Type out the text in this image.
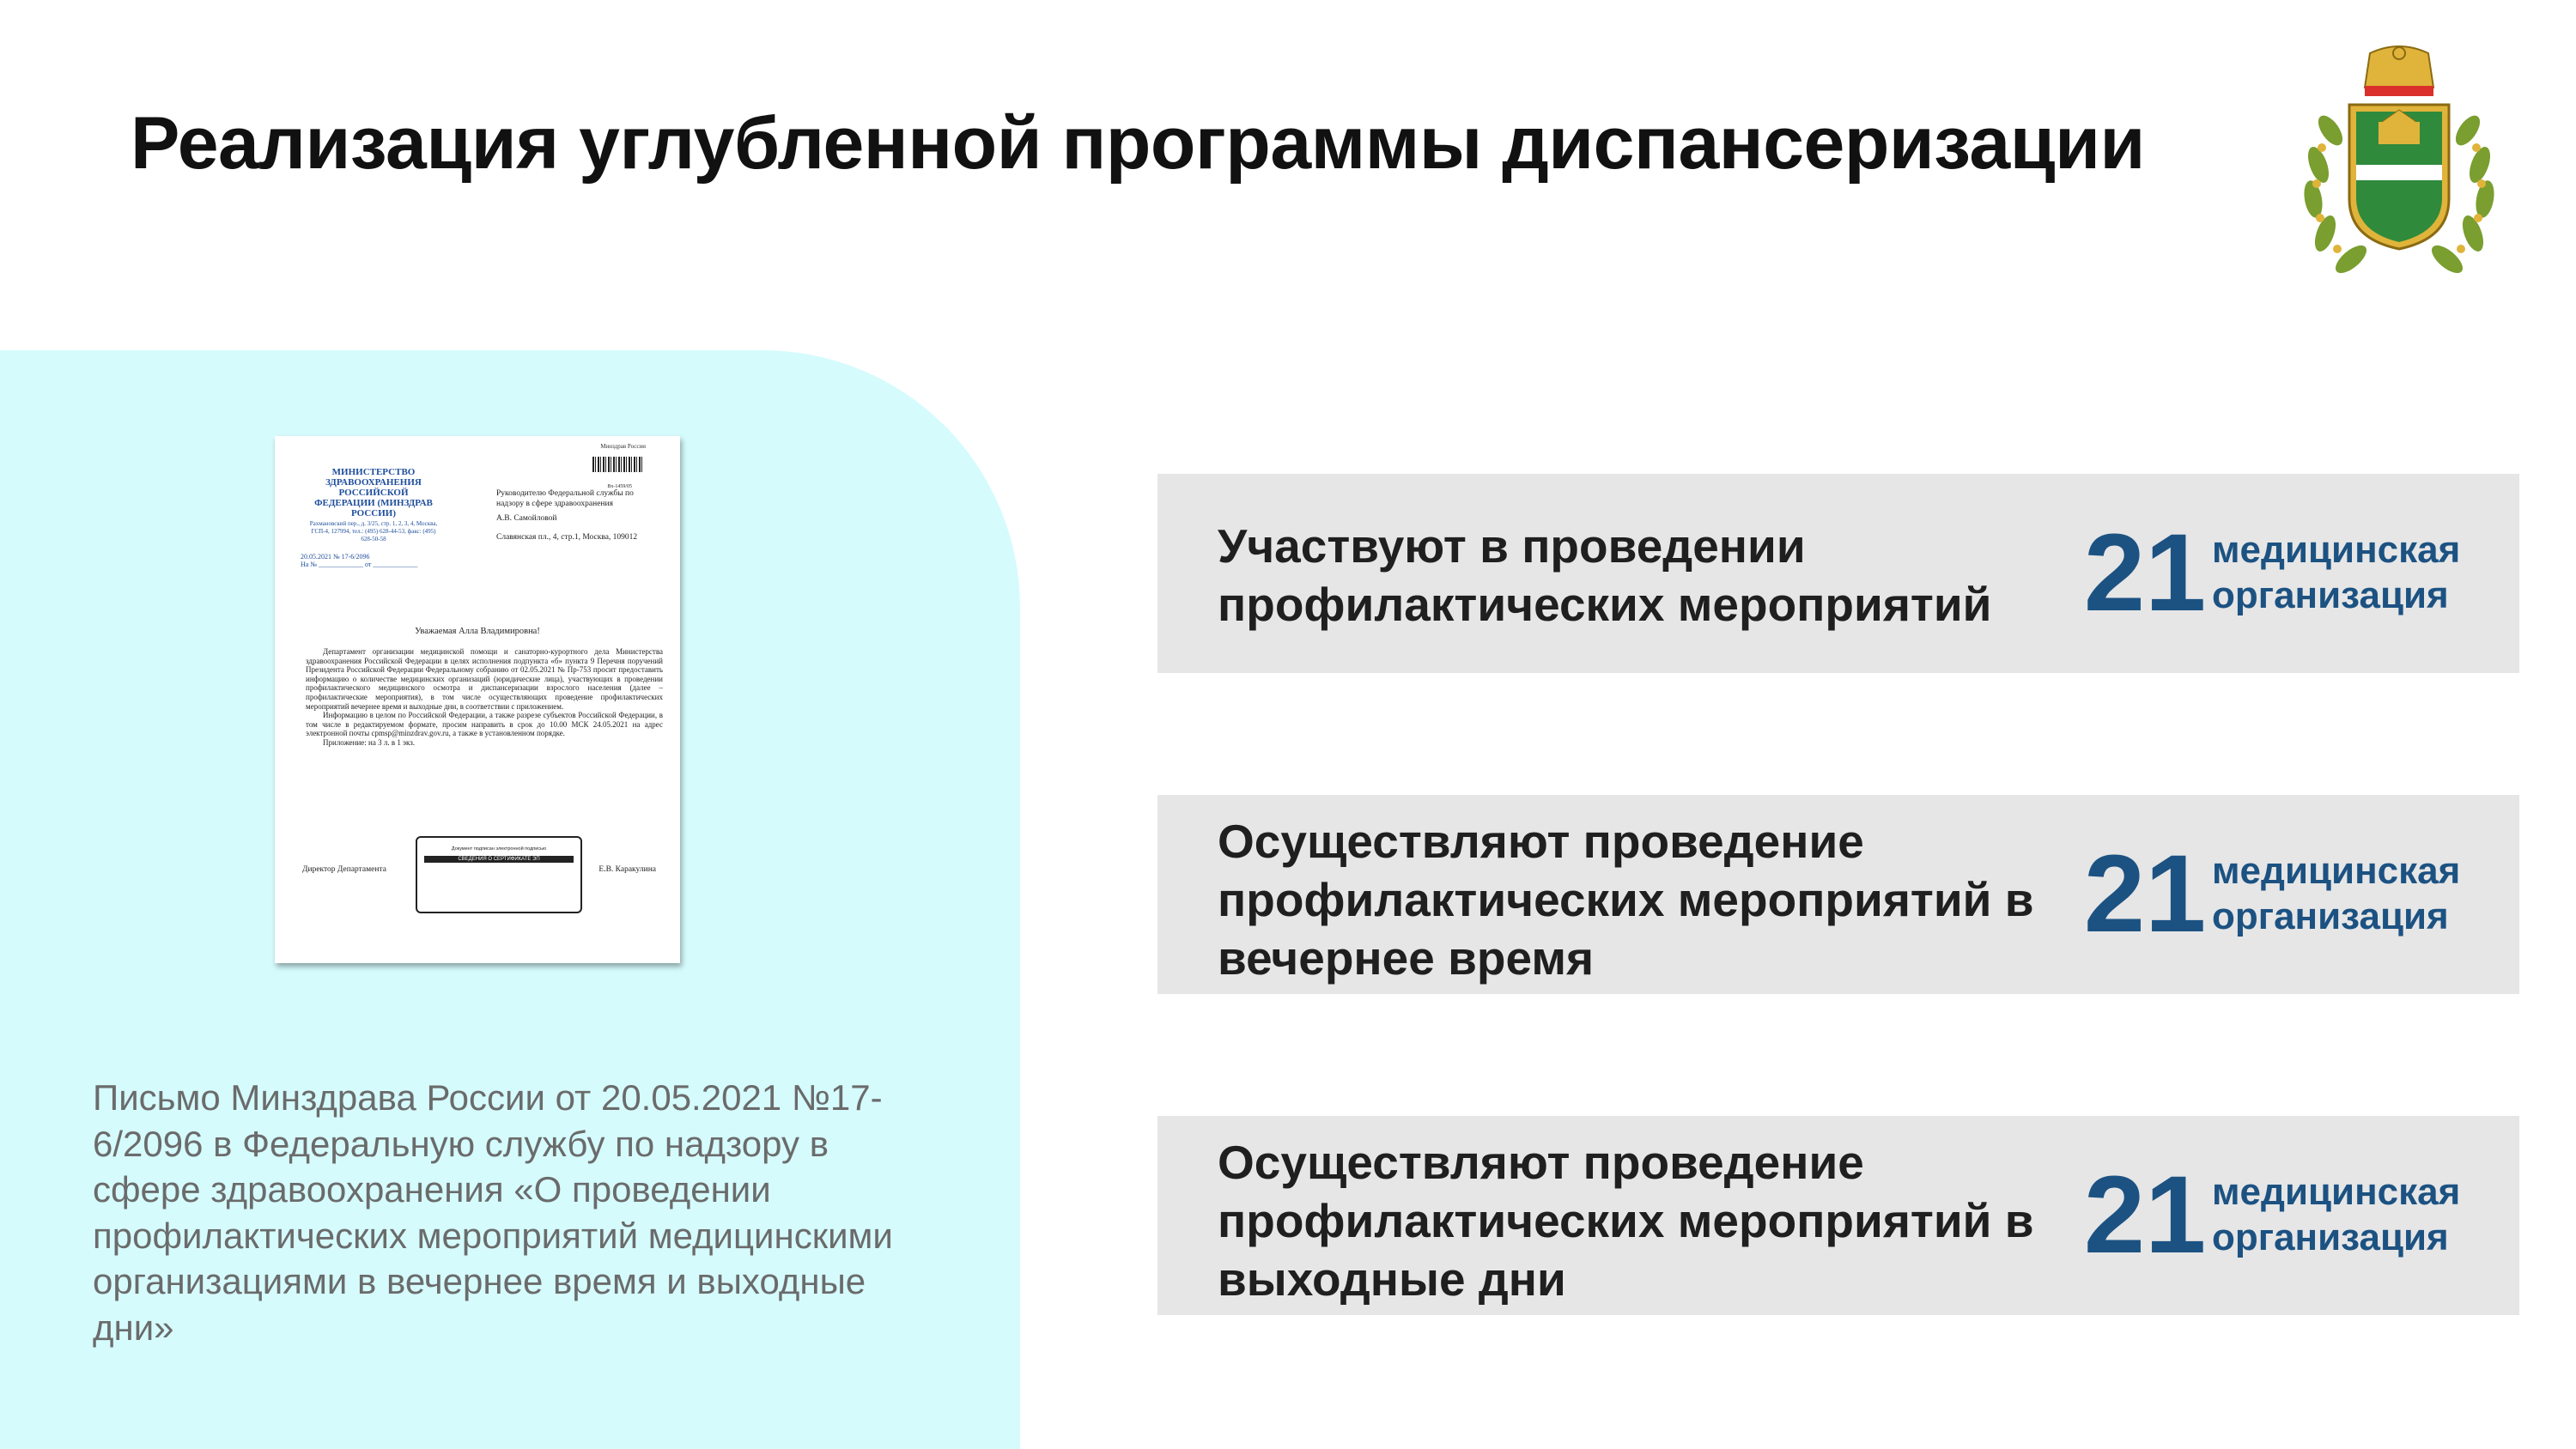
Реализация углубленной программы диспансеризации
Минздрав России
Вх-1459/05
МИНИСТЕРСТВО ЗДРАВООХРАНЕНИЯ РОССИЙСКОЙ ФЕДЕРАЦИИ (МИНЗДРАВ РОССИИ)
Рахмановский пер., д. 3/25, стр. 1, 2, 3, 4, Москва, ГСП-4, 127994, тел.: (495) 628-44-53, факс: (495) 628-50-58
20.05.2021 № 17-6/2096
На № _____________ от _____________
Руководителю Федеральной службы по надзору в сфере здравоохранения
А.В. Самойловой
Славянская пл., 4, стр.1, Москва, 109012
Уважаемая Алла Владимировна!

Департамент организации медицинской помощи и санаторно-курортного дела Министерства здравоохранения Российской Федерации в целях исполнения подпункта «б» пункта 9 Перечня поручений Президента Российской Федерации Федеральному собранию от 02.05.2021 № Пр-753 просит предоставить информацию о количестве медицинских организаций (юридические лица), участвующих в проведении профилактического медицинского осмотра и диспансеризации взрослого населения (далее – профилактические мероприятия), в том числе осуществляющих проведение профилактических мероприятий вечернее время и выходные дни, в соответствии с приложением.

Информацию в целом по Российской Федерации, а также разрезе субъектов Российской Федерации, в том числе в редактируемом формате, просим направить в срок до 10.00 МСК 24.05.2021 на адрес электронной почты cpmsp@minzdrav.gov.ru, а также в установленном порядке.

Приложение: на 3 л. в 1 экз.

Документ подписан электронной подписью
СВЕДЕНИЯ О СЕРТИФИКАТЕ ЭП
Директор Департамента	Е.В. Каракулина
Письмо Минздрава России от 20.05.2021 №17-6/2096 в Федеральную службу по надзору в сфере здравоохранения «О проведении профилактических мероприятий медицинскими организациями в вечернее время и выходные дни»
Участвуют в проведении профилактических мероприятий 21 медицинская организация
Осуществляют проведение профилактических мероприятий в вечернее время
21 медицинская организация
Осуществляют проведение профилактических мероприятий в выходные дни
21 медицинская организация
